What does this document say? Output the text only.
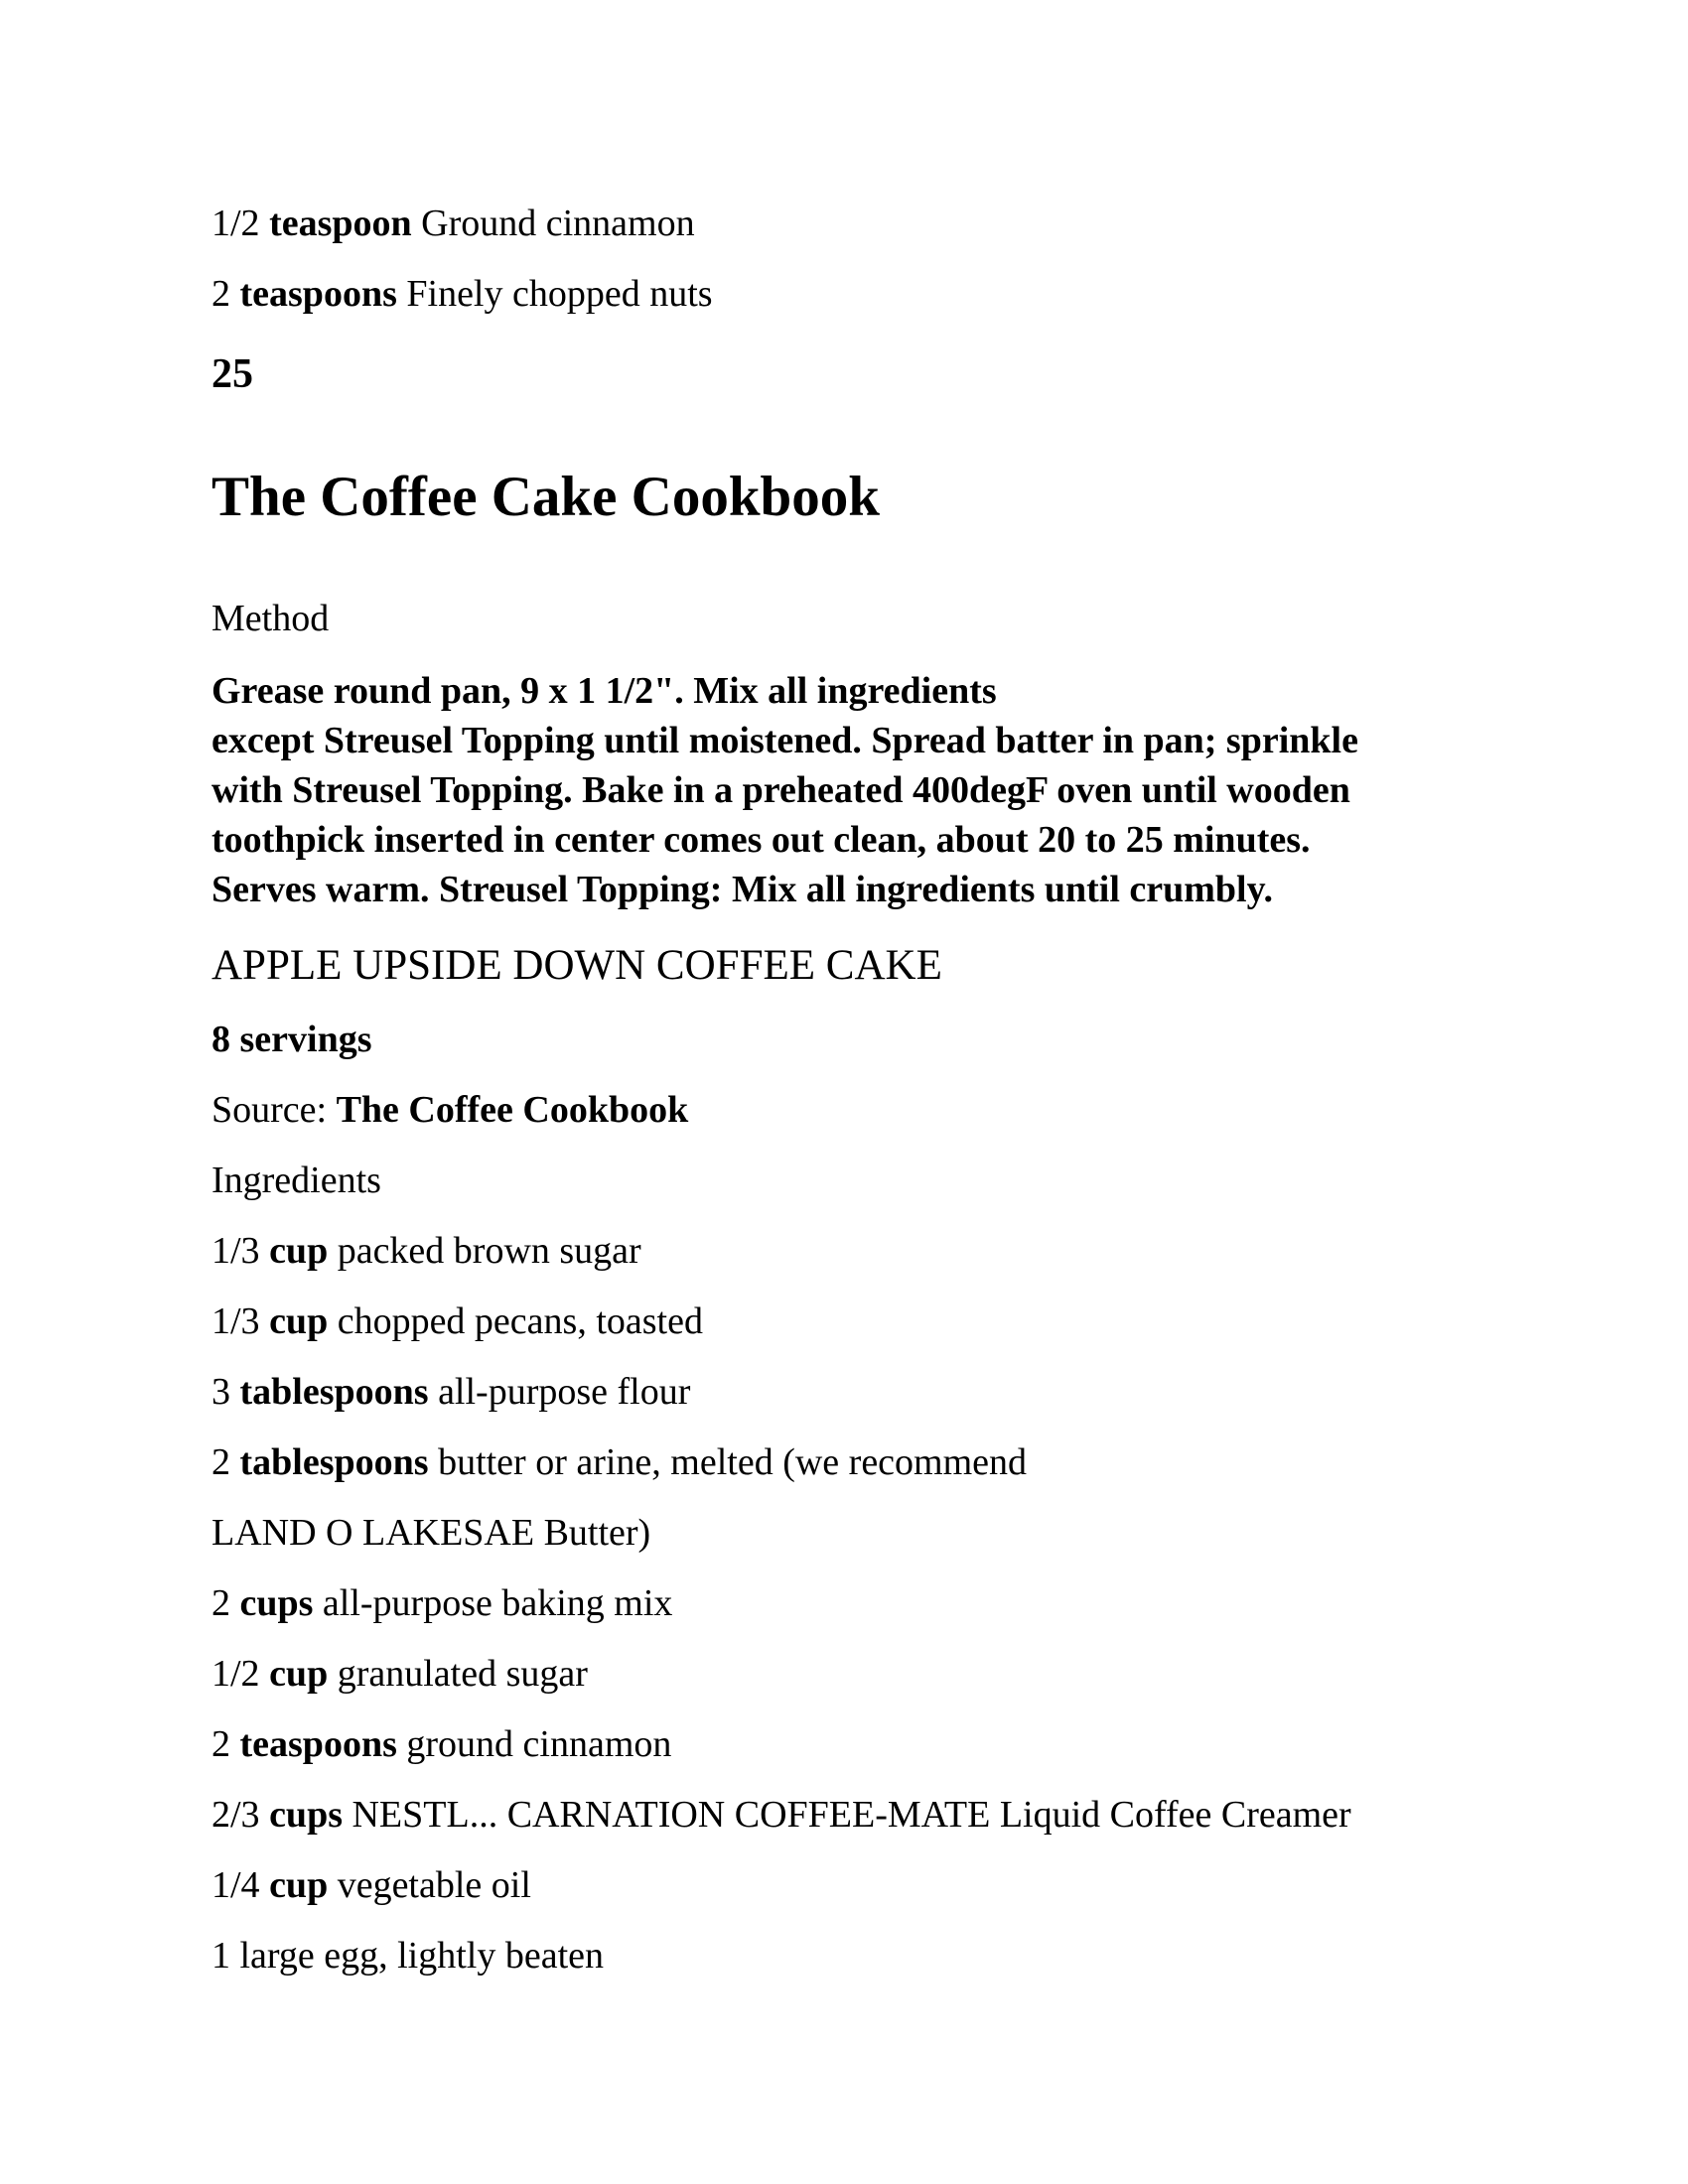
1/2 teaspoon Ground cinnamon
2 teaspoons Finely chopped nuts
25
The Coffee Cake Cookbook
Method
Grease round pan, 9 x 1 1/2". Mix all ingredients
except Streusel Topping until moistened. Spread batter in pan; sprinkle
with Streusel Topping. Bake in a preheated 400degF oven until wooden
toothpick inserted in center comes out clean, about 20 to 25 minutes.
Serves warm. Streusel Topping: Mix all ingredients until crumbly.
APPLE UPSIDE DOWN COFFEE CAKE
8 servings
Source: The Coffee Cookbook
Ingredients
1/3 cup packed brown sugar
1/3 cup chopped pecans, toasted
3 tablespoons all-purpose flour
2 tablespoons butter or arine, melted (we recommend
LAND O LAKESAE Butter)
2 cups all-purpose baking mix
1/2 cup granulated sugar
2 teaspoons ground cinnamon
2/3 cups NESTL... CARNATION COFFEE-MATE Liquid Coffee Creamer
1/4 cup vegetable oil
1 large egg, lightly beaten
